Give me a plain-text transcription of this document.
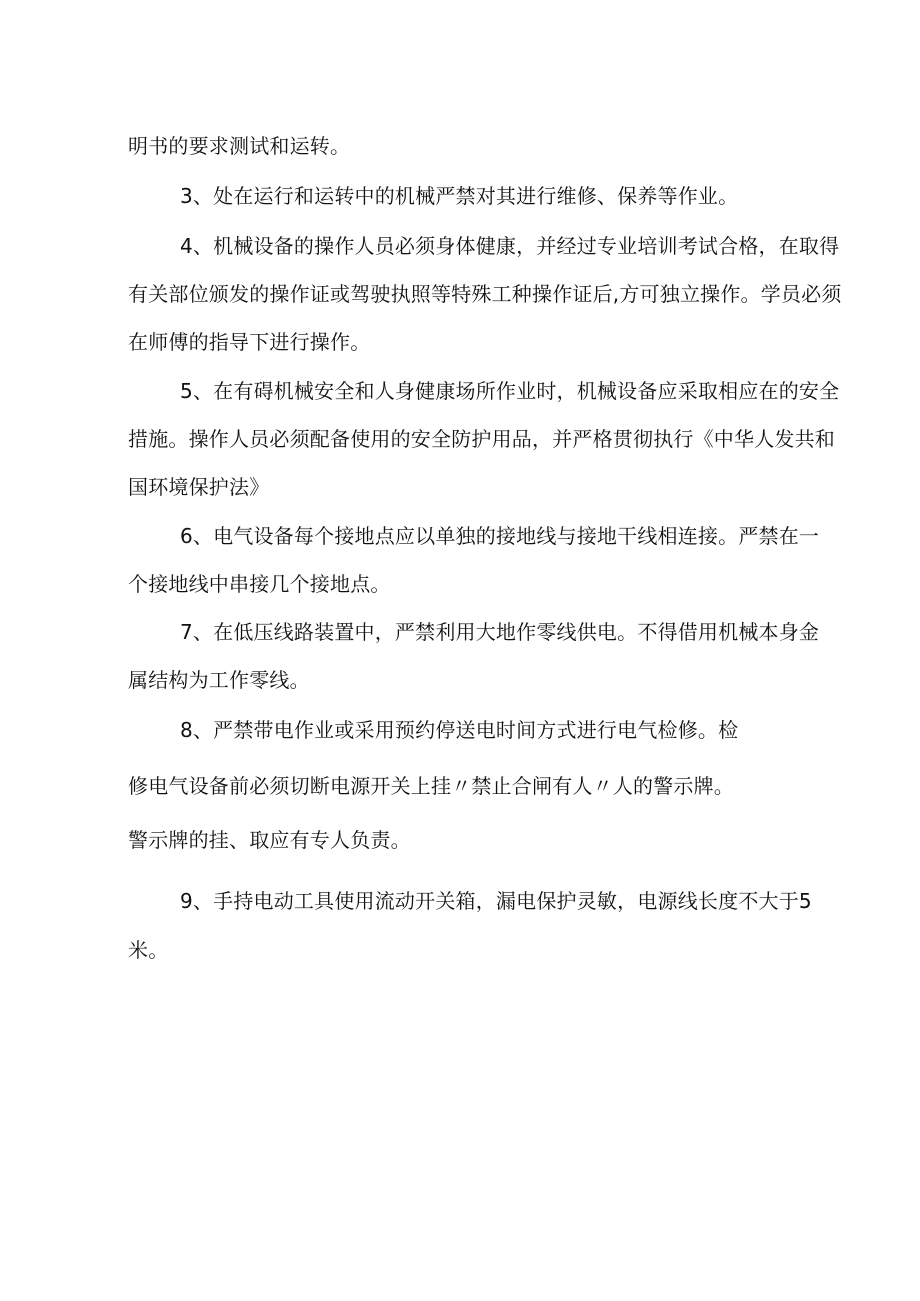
明书的要求测试和运转。
3、处在运行和运转中的机械严禁对其进行维修、保养等作业。
4、机械设备的操作人员必须身体健康，并经过专业培训考试合格，在取得
有关部位颁发的操作证或驾驶执照等特殊工种操作证后,方可独立操作。学员必须
在师傅的指导下进行操作。
5、在有碍机械安全和人身健康场所作业时，机械设备应采取相应在的安全
措施。操作人员必须配备使用的安全防护用品，并严格贯彻执行《中华人发共和
国环境保护法》
6、电气设备每个接地点应以单独的接地线与接地干线相连接。严禁在一
个接地线中串接几个接地点。
7、在低压线路装置中，严禁利用大地作零线供电。不得借用机械本身金
属结构为工作零线。
8、严禁带电作业或采用预约停送电时间方式进行电气检修。检
修电气设备前必须切断电源开关上挂〃禁止合闸有人〃人的警示牌。
警示牌的挂、取应有专人负责。
9、手持电动工具使用流动开关箱，漏电保护灵敏，电源线长度不大于5
米。
